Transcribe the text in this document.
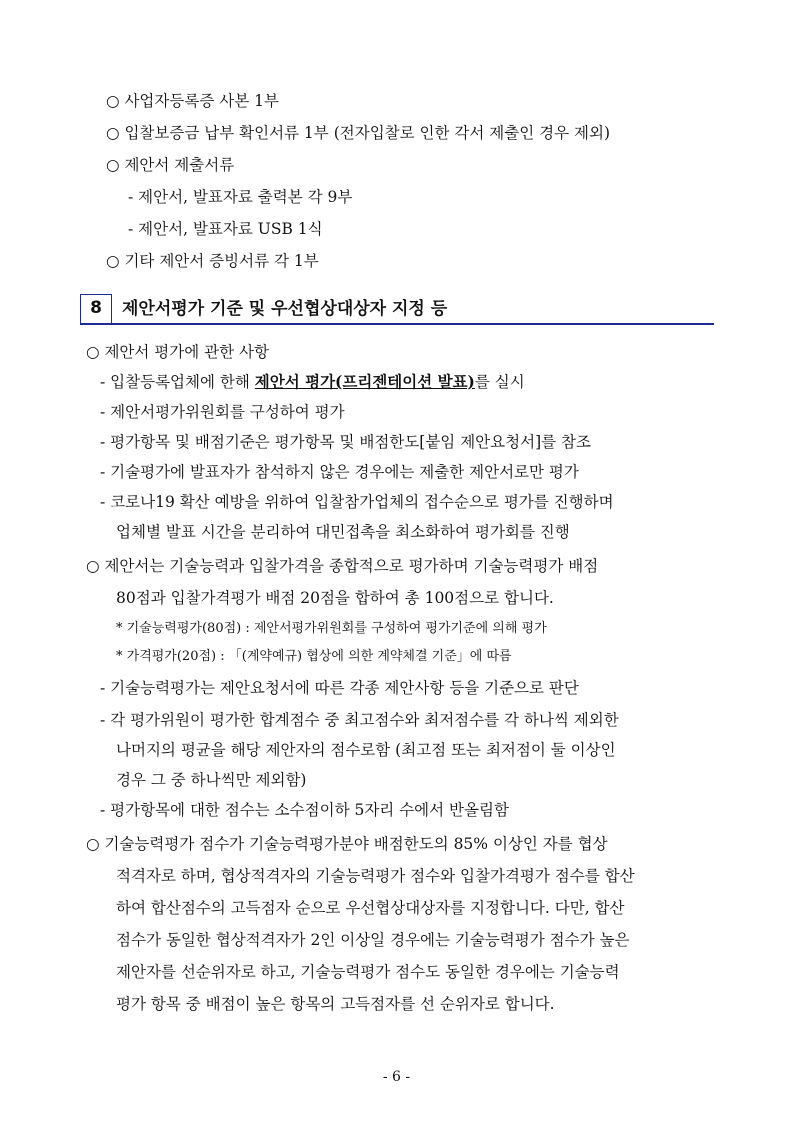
○ 사업자등록증 사본 1부
○ 입찰보증금 납부 확인서류 1부 (전자입찰로 인한 각서 제출인 경우 제외)
○ 제안서 제출서류
- 제안서, 발표자료 출력본 각 9부
- 제안서, 발표자료 USB 1식
○ 기타 제안서 증빙서류 각 1부
8	제안서평가 기준 및 우선협상대상자 지정 등
○ 제안서 평가에 관한 사항
- 입찰등록업체에 한해 제안서 평가(프리젠테이션 발표)를 실시
- 제안서평가위원회를 구성하여 평가
- 평가항목 및 배점기준은 평가항목 및 배점한도[붙임 제안요청서]를 참조
- 기술평가에 발표자가 참석하지 않은 경우에는 제출한 제안서로만 평가
- 코로나19 확산 예방을 위하여 입찰참가업체의 접수순으로 평가를 진행하며
업체별 발표 시간을 분리하여 대민접촉을 최소화하여 평가회를 진행
○ 제안서는 기술능력과 입찰가격을 종합적으로 평가하며 기술능력평가 배점
80점과 입찰가격평가 배점 20점을 합하여 총 100점으로 합니다.
* 기술능력평가(80점) : 제안서평가위원회를 구성하여 평가기준에 의해 평가
* 가격평가(20점) : 「(계약예규) 협상에 의한 계약체결 기준」에 따름
- 기술능력평가는 제안요청서에 따른 각종 제안사항 등을 기준으로 판단
- 각 평가위원이 평가한 합계점수 중 최고점수와 최저점수를 각 하나씩 제외한
나머지의 평균을 해당 제안자의 점수로함 (최고점 또는 최저점이 둘 이상인
경우 그 중 하나씩만 제외함)
- 평가항목에 대한 점수는 소수점이하 5자리 수에서 반올림함
○ 기술능력평가 점수가 기술능력평가분야 배점한도의 85% 이상인 자를 협상
적격자로 하며, 협상적격자의 기술능력평가 점수와 입찰가격평가 점수를 합산
하여 합산점수의 고득점자 순으로 우선협상대상자를 지정합니다. 다만, 합산
점수가 동일한 협상적격자가 2인 이상일 경우에는 기술능력평가 점수가 높은
제안자를 선순위자로 하고, 기술능력평가 점수도 동일한 경우에는 기술능력
평가 항목 중 배점이 높은 항목의 고득점자를 선 순위자로 합니다.
- 6 -
